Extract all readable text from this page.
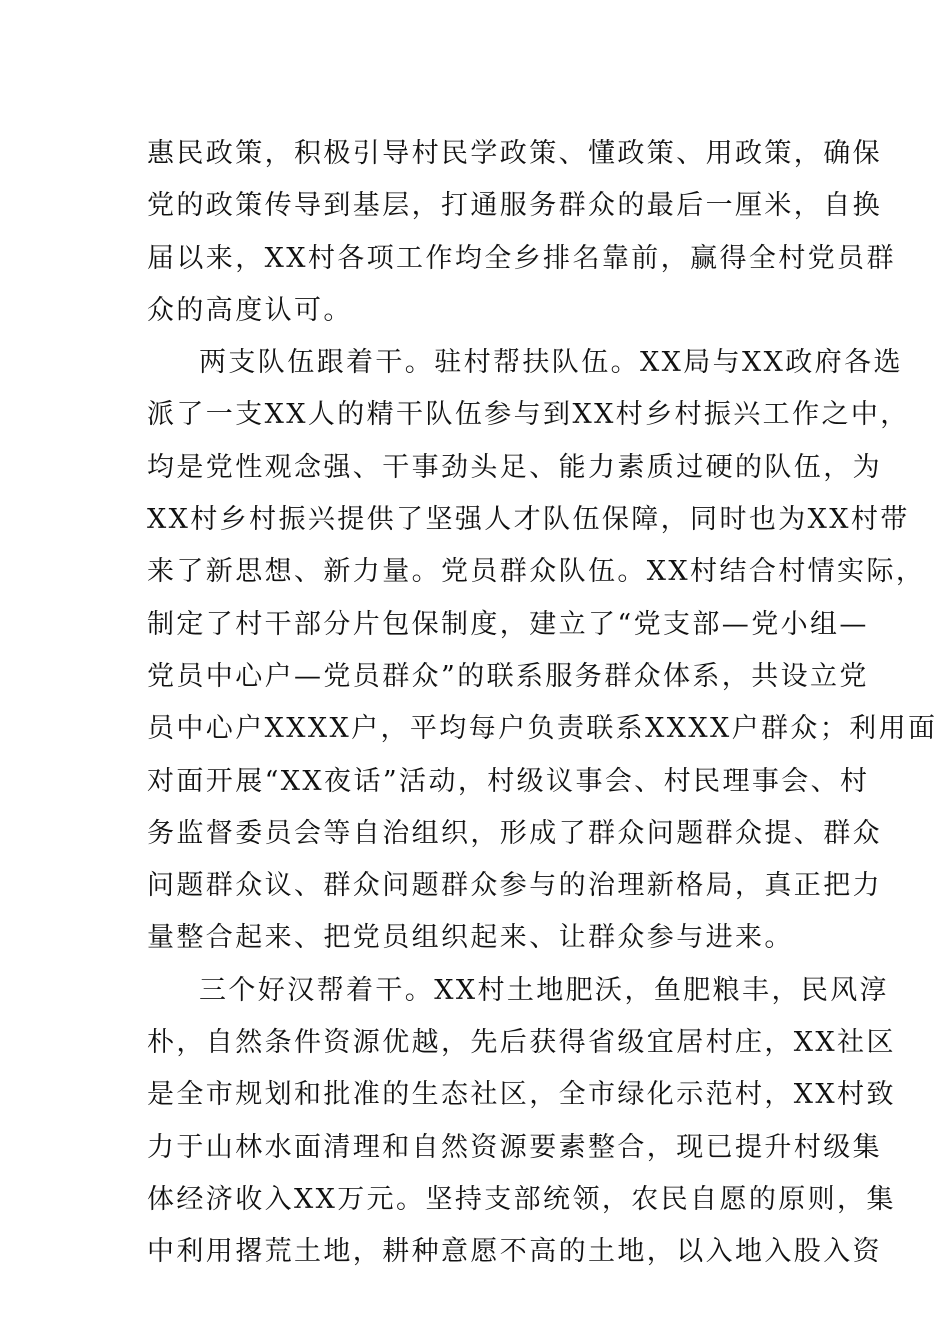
惠民政策，积极引导村民学政策、懂政策、用政策，确保
党的政策传导到基层，打通服务群众的最后一厘米，自换
届以来，XX村各项工作均全乡排名靠前，赢得全村党员群
众的高度认可。
两支队伍跟着干。驻村帮扶队伍。XX局与XX政府各选
派了一支XX人的精干队伍参与到XX村乡村振兴工作之中，
均是党性观念强、干事劲头足、能力素质过硬的队伍，为
XX村乡村振兴提供了坚强人才队伍保障，同时也为XX村带
来了新思想、新力量。党员群众队伍。XX村结合村情实际，
制定了村干部分片包保制度，建立了“党支部—党小组—
党员中心户—党员群众”的联系服务群众体系，共设立党
员中心户XXXX户，平均每户负责联系XXXX户群众；利用面
对面开展“XX夜话”活动，村级议事会、村民理事会、村
务监督委员会等自治组织，形成了群众问题群众提、群众
问题群众议、群众问题群众参与的治理新格局，真正把力
量整合起来、把党员组织起来、让群众参与进来。
三个好汉帮着干。XX村土地肥沃，鱼肥粮丰，民风淳
朴，自然条件资源优越，先后获得省级宜居村庄，XX社区
是全市规划和批准的生态社区，全市绿化示范村，XX村致
力于山林水面清理和自然资源要素整合，现已提升村级集
体经济收入XX万元。坚持支部统领，农民自愿的原则，集
中利用撂荒土地，耕种意愿不高的土地，以入地入股入资
